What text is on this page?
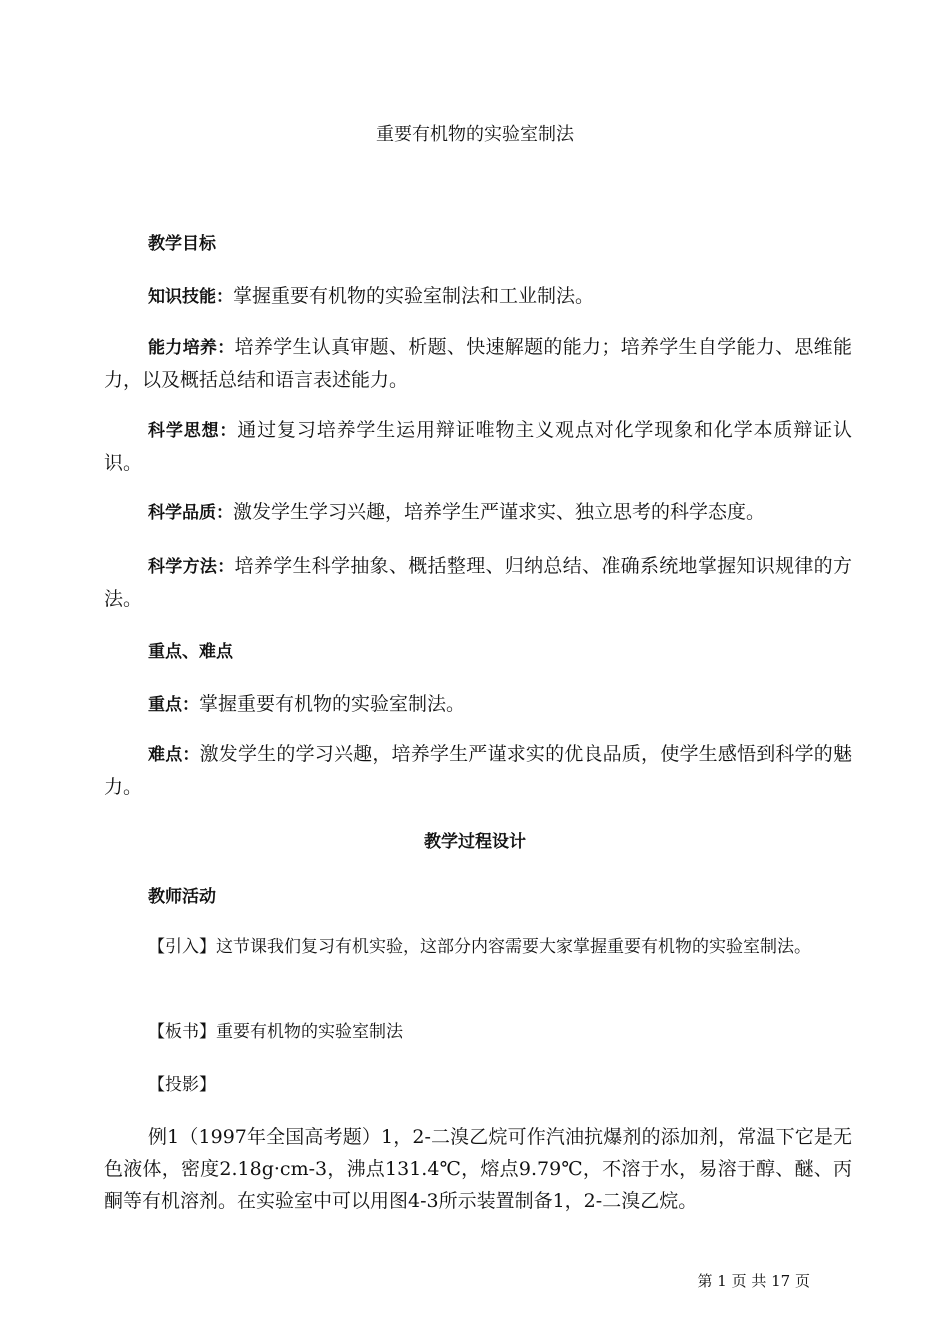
重要有机物的实验室制法
教学目标

知识技能：掌握重要有机物的实验室制法和工业制法。

能力培养：培养学生认真审题、析题、快速解题的能力；培养学生自学能力、思维能力，以及概括总结和语言表述能力。

科学思想：通过复习培养学生运用辩证唯物主义观点对化学现象和化学本质辩证认识。

科学品质：激发学生学习兴趣，培养学生严谨求实、独立思考的科学态度。

科学方法：培养学生科学抽象、概括整理、归纳总结、准确系统地掌握知识规律的方法。

重点、难点

重点：掌握重要有机物的实验室制法。

难点：激发学生的学习兴趣，培养学生严谨求实的优良品质，使学生感悟到科学的魅力。

教学过程设计
教师活动

【引入】这节课我们复习有机实验，这部分内容需要大家掌握重要有机物的实验室制法。

【板书】重要有机物的实验室制法

【投影】

例1（1997年全国高考题）1，2-二溴乙烷可作汽油抗爆剂的添加剂，常温下它是无色液体，密度2.18g·cm-3，沸点131.4℃，熔点9.79℃，不溶于水，易溶于醇、醚、丙酮等有机溶剂。在实验室中可以用图4-3所示装置制备1，2-二溴乙烷。

第 1 页 共 17 页
